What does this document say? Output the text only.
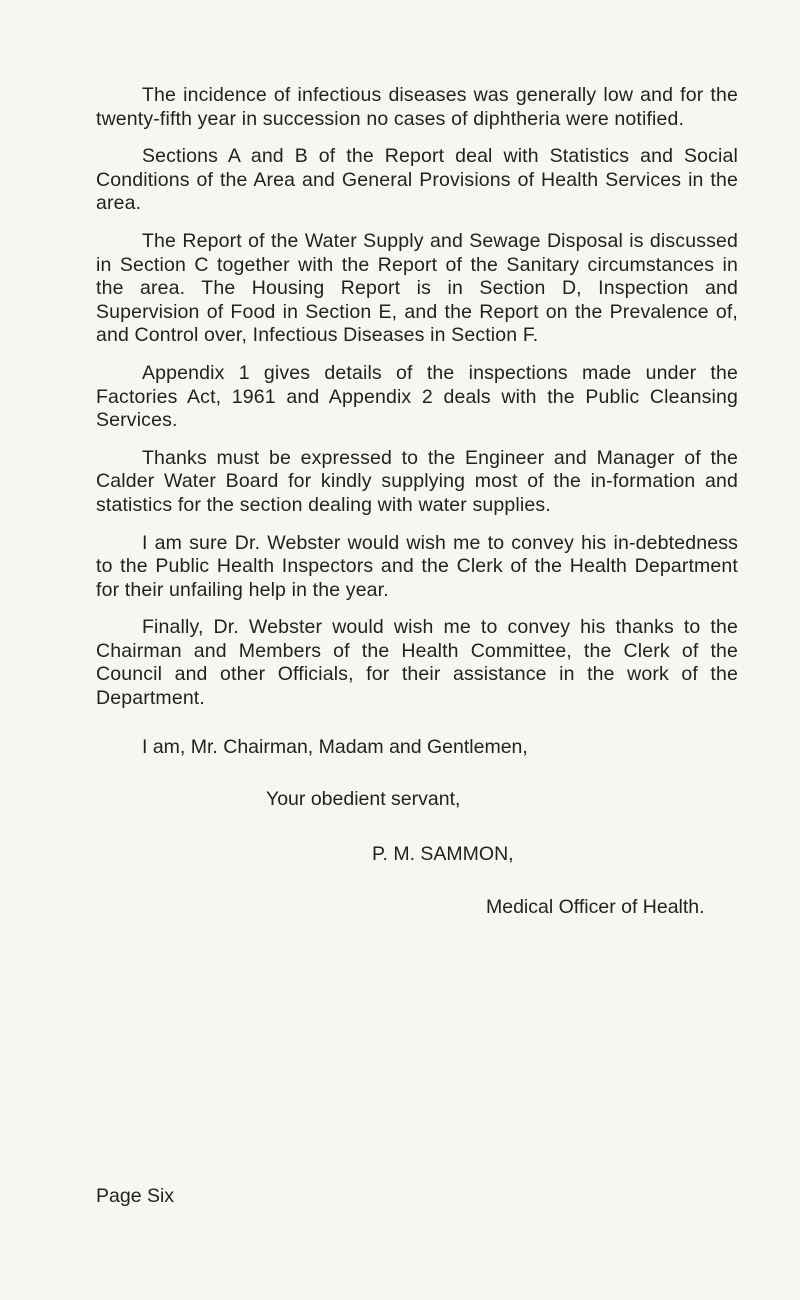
The incidence of infectious diseases was generally low and for the twenty-fifth year in succession no cases of diphtheria were notified.

Sections A and B of the Report deal with Statistics and Social Conditions of the Area and General Provisions of Health Services in the area.

The Report of the Water Supply and Sewage Disposal is discussed in Section C together with the Report of the Sanitary circumstances in the area. The Housing Report is in Section D, Inspection and Supervision of Food in Section E, and the Report on the Prevalence of, and Control over, Infectious Diseases in Section F.

Appendix 1 gives details of the inspections made under the Factories Act, 1961 and Appendix 2 deals with the Public Cleansing Services.

Thanks must be expressed to the Engineer and Manager of the Calder Water Board for kindly supplying most of the in-formation and statistics for the section dealing with water supplies.

I am sure Dr. Webster would wish me to convey his in-debtedness to the Public Health Inspectors and the Clerk of the Health Department for their unfailing help in the year.

Finally, Dr. Webster would wish me to convey his thanks to the Chairman and Members of the Health Committee, the Clerk of the Council and other Officials, for their assistance in the work of the Department.

I am, Mr. Chairman, Madam and Gentlemen,
Your obedient servant,
P. M. SAMMON,
Medical Officer of Health.
Page Six
